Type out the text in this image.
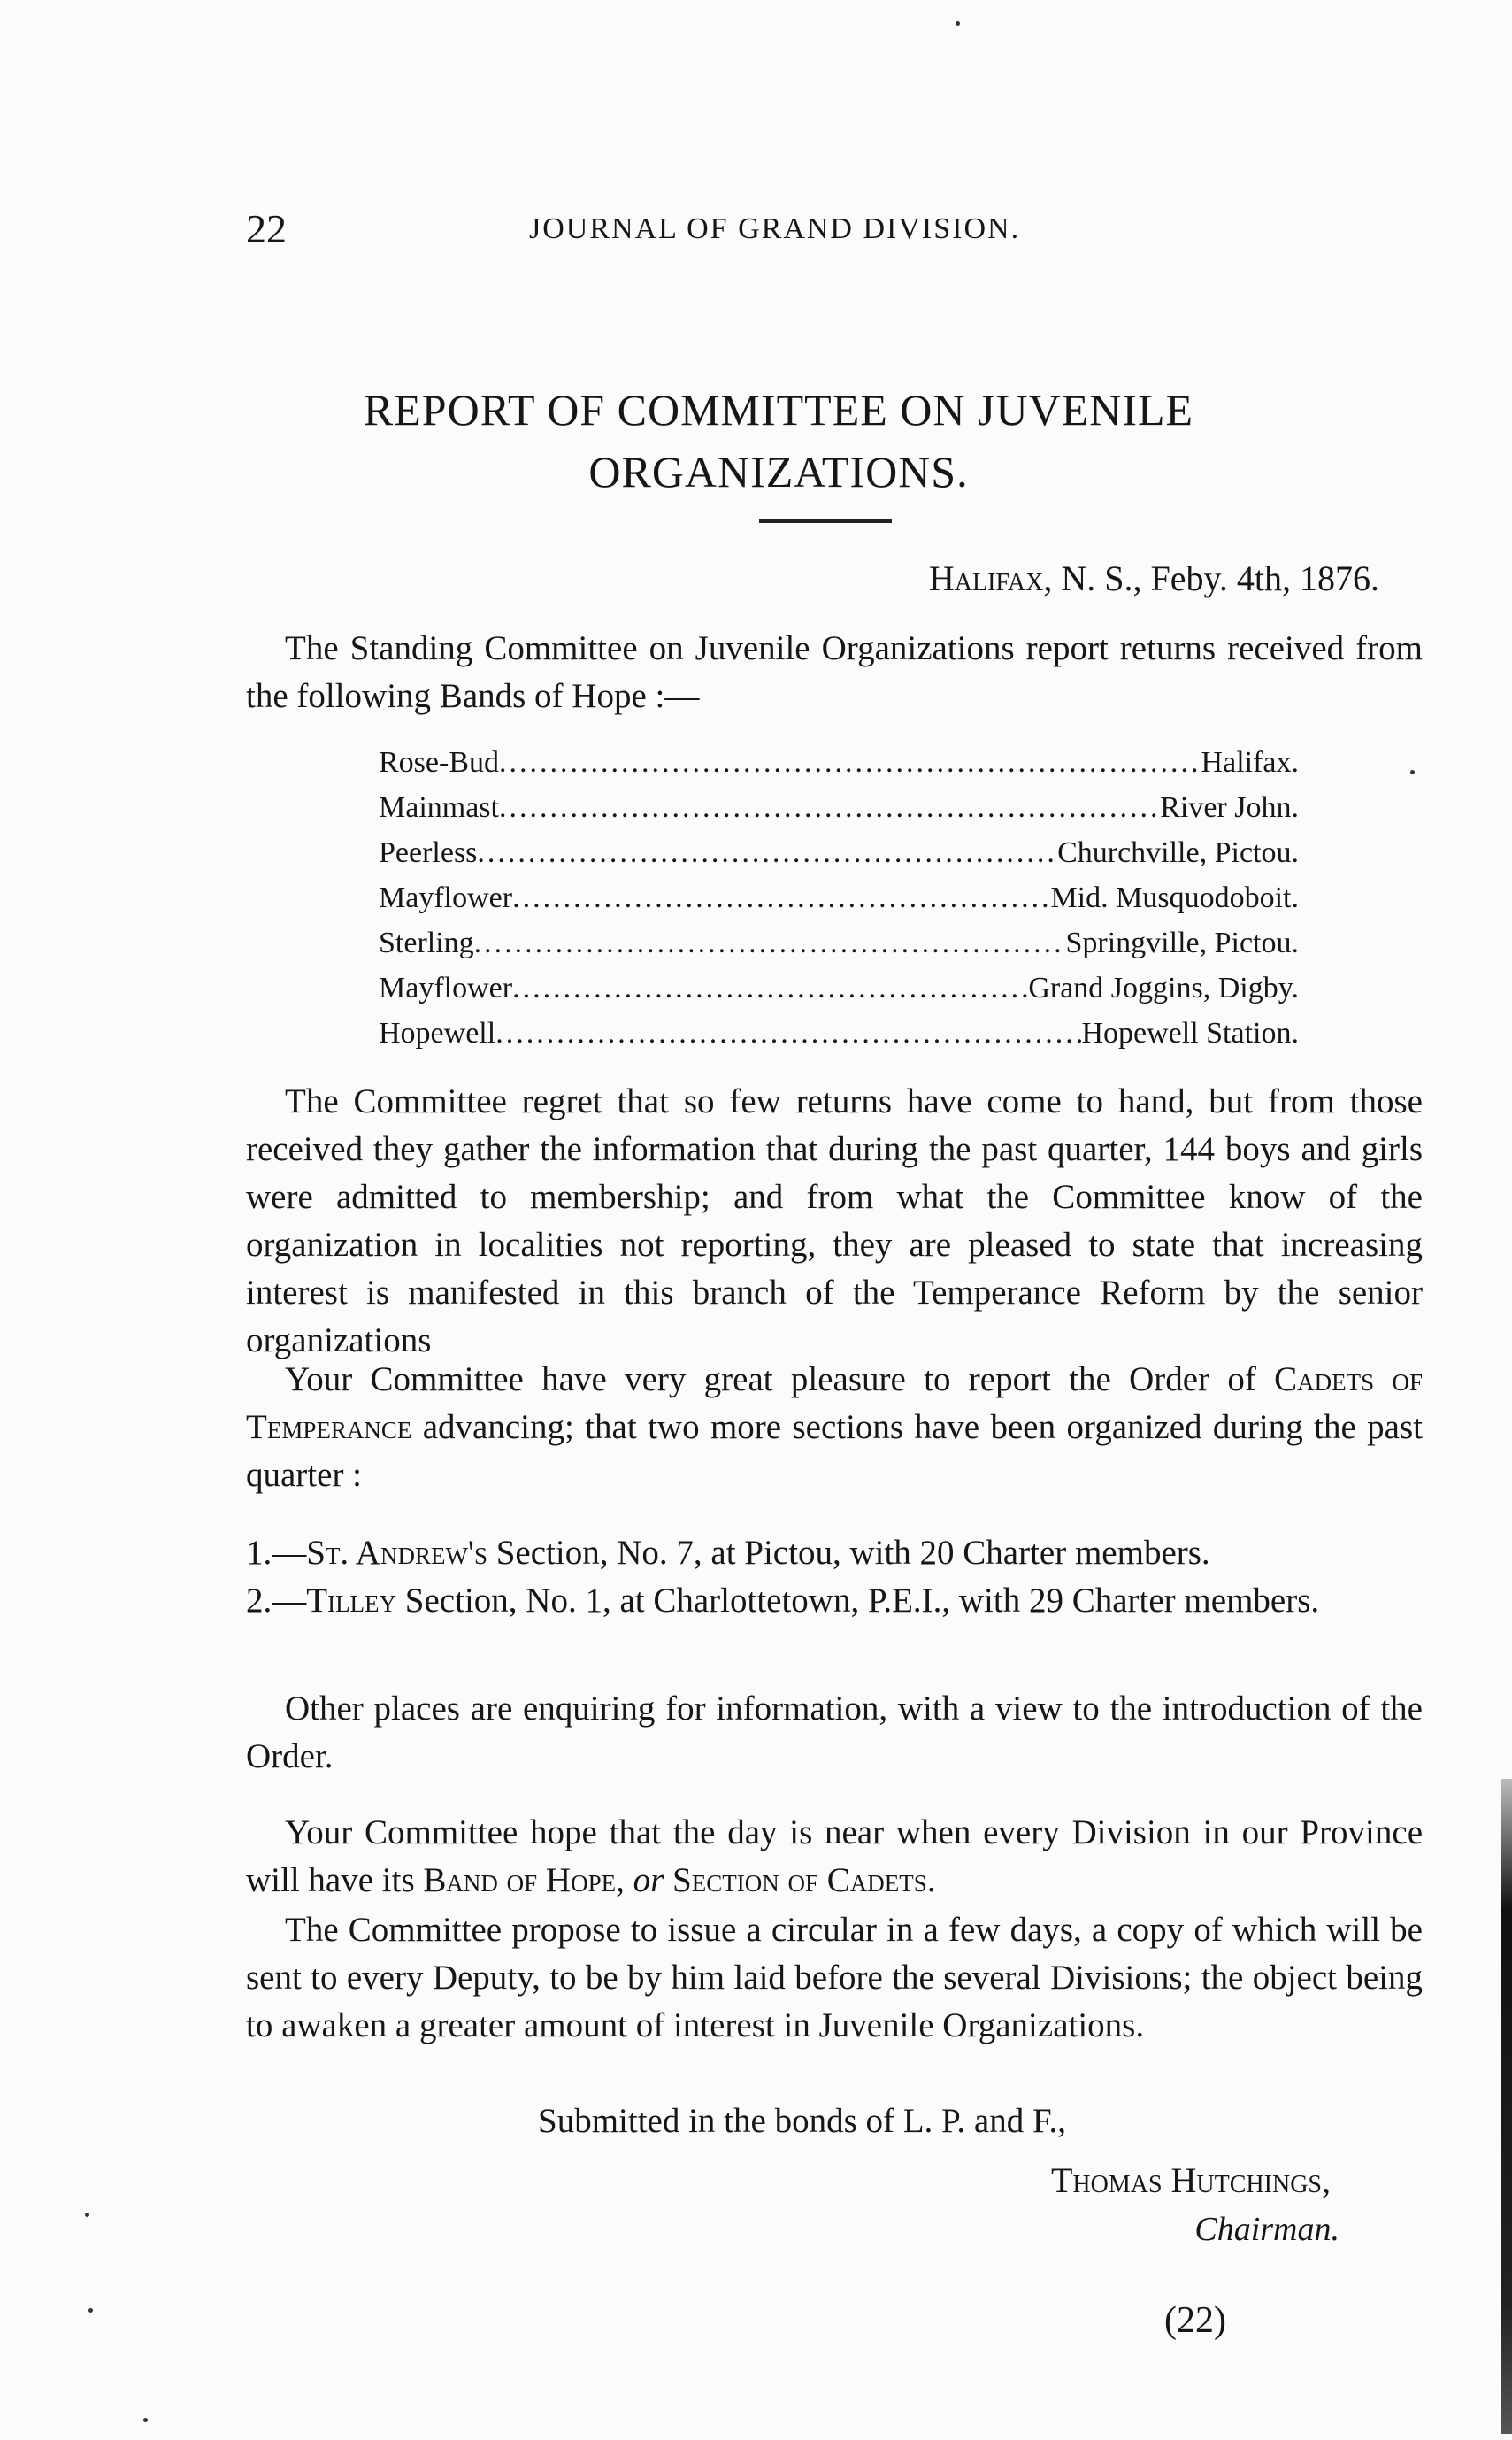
22	JOURNAL OF GRAND DIVISION.
REPORT OF COMMITTEE ON JUVENILE
ORGANIZATIONS.
Halifax, N. S., Feby. 4th, 1876.
The Standing Committee on Juvenile Organizations report returns received from the following Bands of Hope :—
Rose-Bud .....	Halifax.
Mainmast .....	River John.
Peerless .....	Churchville, Pictou.
Mayflower .....	Mid. Musquodoboit.
Sterling .....	Springville, Pictou.
Mayflower .....	Grand Joggins, Digby.
Hopewell .....	Hopewell Station.
The Committee regret that so few returns have come to hand, but from those received they gather the information that during the past quarter, 144 boys and girls were admitted to membership; and from what the Committee know of the organization in localities not reporting, they are pleased to state that increasing interest is manifested in this branch of the Temperance Reform by the senior organizations
Your Committee have very great pleasure to report the Order of Cadets of Temperance advancing; that two more sections have been organized during the past quarter :
1.—St. Andrew's Section, No. 7, at Pictou, with 20 Charter members.
2.—Tilley Section, No. 1, at Charlottetown, P.E.I., with 29 Charter members.
Other places are enquiring for information, with a view to the introduction of the Order.
Your Committee hope that the day is near when every Division in our Province will have its Band of Hope, or Section of Cadets.
The Committee propose to issue a circular in a few days, a copy of which will be sent to every Deputy, to be by him laid before the several Divisions; the object being to awaken a greater amount of interest in Juvenile Organizations.
Submitted in the bonds of L. P. and F.,
Thomas Hutchings,
Chairman.
(22)
